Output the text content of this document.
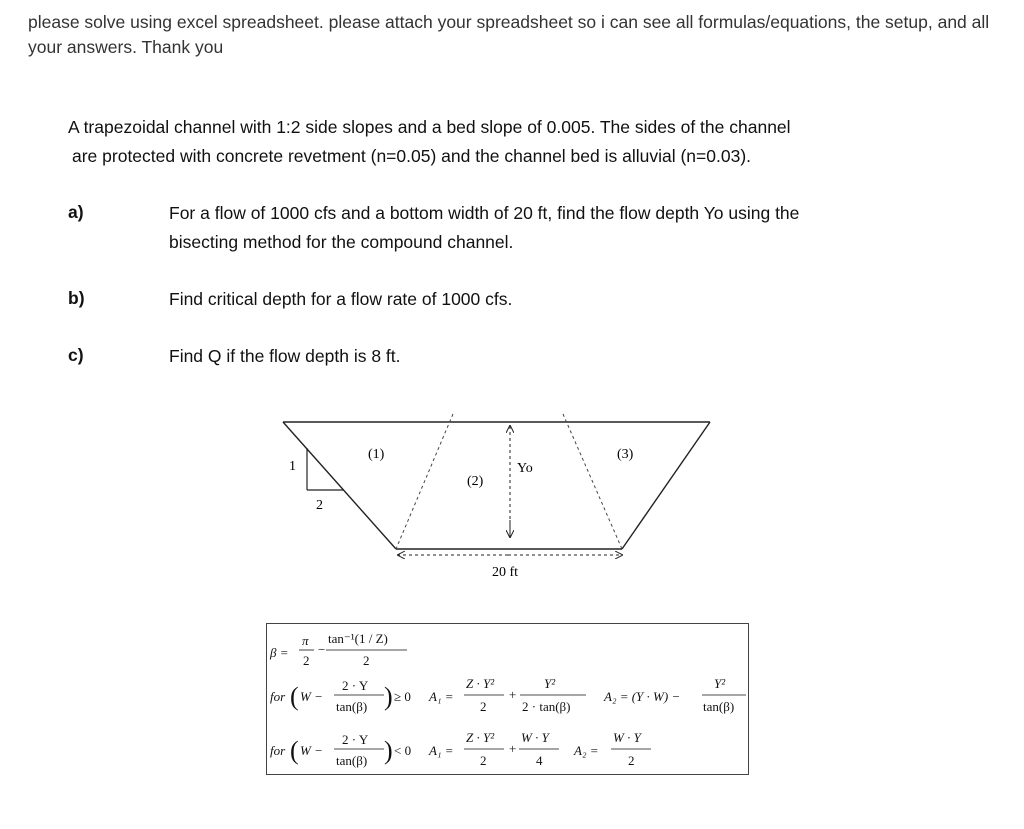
please solve using excel spreadsheet. please attach your spreadsheet so i can see all formulas/equations, the setup, and all your answers. Thank you

A trapezoidal channel with 1:2 side slopes and a bed slope of 0.005. The sides of the channel

are protected with concrete revetment (n=0.05) and the channel bed is alluvial (n=0.03).

a)	For a flow of 1000 cfs and a bottom width of 20 ft, find the flow depth Yo using the
bisecting method for the compound channel.
b)	Find critical depth for a flow rate of 1000 cfs.
c)	Find Q if the flow depth is 8 ft.
1
2
(1)
(2)
(3)
Yo
20 ft
β =
π
2
−
tan⁻¹(1 / Z)
2
for ( W −
2 · Y
tan(β) ) ≥ 0 A₁ =
Z · Y²
2
+
Y²
2 · tan(β)
A₂ = (Y · W) −
Y²
tan(β)
for ( W −
2 · Y
tan(β) ) < 0 A₁ =
Z · Y²
2
+
W · Y
4
A₂ =
W · Y
2
